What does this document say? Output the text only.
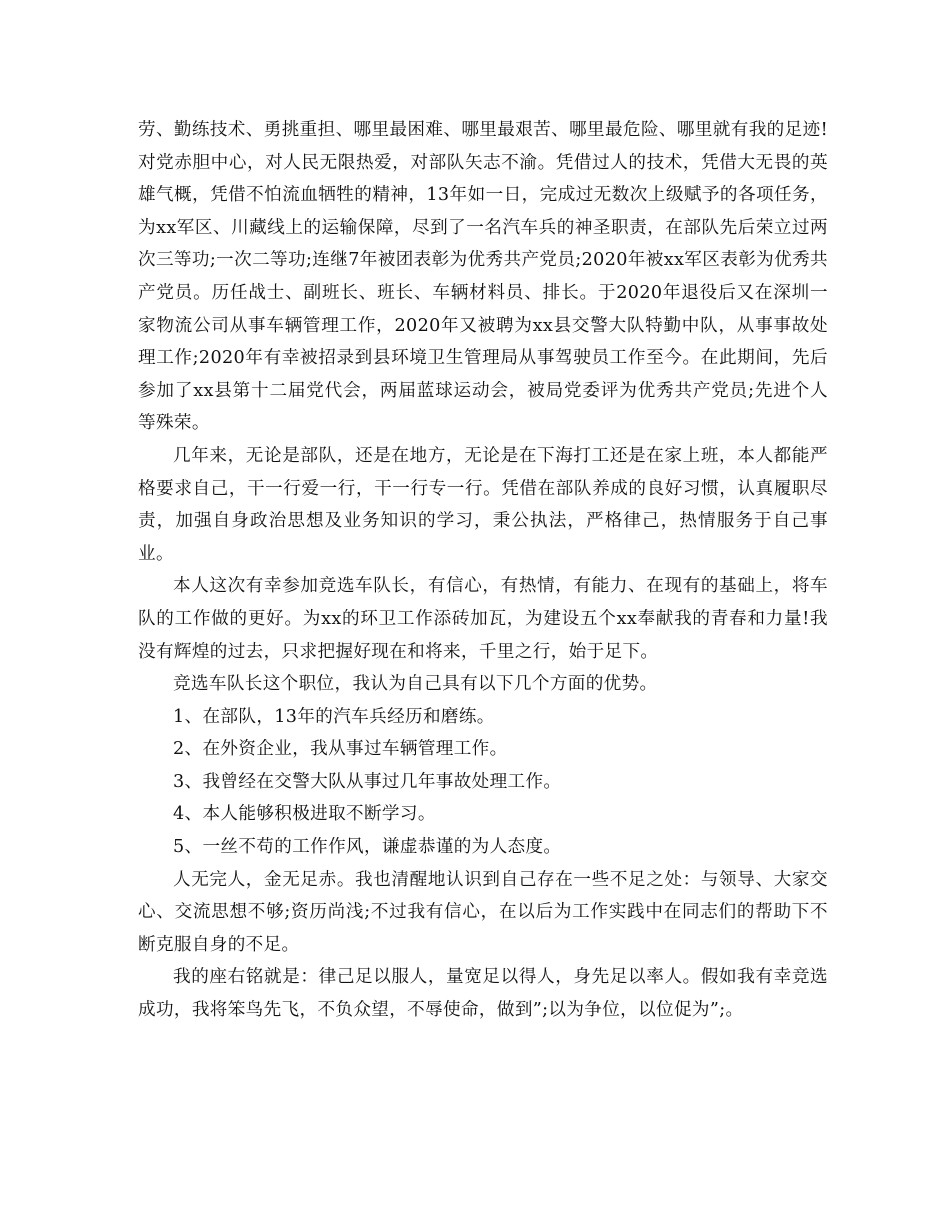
劳、勤练技术、勇挑重担、哪里最困难、哪里最艰苦、哪里最危险、哪里就有我的足迹!对党赤胆中心，对人民无限热爱，对部队矢志不渝。凭借过人的技术，凭借大无畏的英雄气概，凭借不怕流血牺牲的精神，13年如一日，完成过无数次上级赋予的各项任务，为xx军区、川藏线上的运输保障，尽到了一名汽车兵的神圣职责，在部队先后荣立过两次三等功;一次二等功;连继7年被团表彰为优秀共产党员;2020年被xx军区表彰为优秀共产党员。历任战士、副班长、班长、车辆材料员、排长。于2020年退役后又在深圳一家物流公司从事车辆管理工作，2020年又被聘为xx县交警大队特勤中队，从事事故处理工作;2020年有幸被招录到县环境卫生管理局从事驾驶员工作至今。在此期间，先后参加了xx县第十二届党代会，两届蓝球运动会，被局党委评为优秀共产党员;先进个人等殊荣。

几年来，无论是部队，还是在地方，无论是在下海打工还是在家上班，本人都能严格要求自己，干一行爱一行，干一行专一行。凭借在部队养成的良好习惯，认真履职尽责，加强自身政治思想及业务知识的学习，秉公执法，严格律己，热情服务于自己事业。

本人这次有幸参加竞选车队长，有信心，有热情，有能力、在现有的基础上，将车队的工作做的更好。为xx的环卫工作添砖加瓦，为建设五个xx奉献我的青春和力量!我没有辉煌的过去，只求把握好现在和将来，千里之行，始于足下。

竞选车队长这个职位，我认为自己具有以下几个方面的优势。

1、在部队，13年的汽车兵经历和磨练。

2、在外资企业，我从事过车辆管理工作。

3、我曾经在交警大队从事过几年事故处理工作。

4、本人能够积极进取不断学习。

5、一丝不苟的工作作风，谦虚恭谨的为人态度。

人无完人，金无足赤。我也清醒地认识到自己存在一些不足之处：与领导、大家交心、交流思想不够;资历尚浅;不过我有信心，在以后为工作实践中在同志们的帮助下不断克服自身的不足。

我的座右铭就是：律己足以服人，量宽足以得人，身先足以率人。假如我有幸竞选成功，我将笨鸟先飞，不负众望，不辱使命，做到”;以为争位，以位促为”;。
